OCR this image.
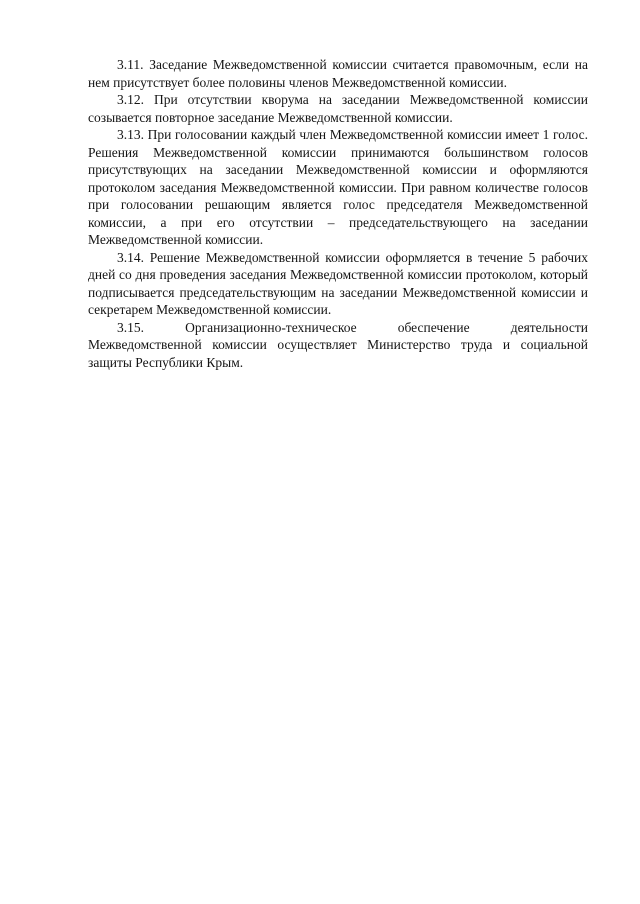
3.11. Заседание Межведомственной комиссии считается правомочным, если на нем присутствует более половины членов Межведомственной комиссии.

3.12. При отсутствии кворума на заседании Межведомственной комиссии созывается повторное заседание Межведомственной комиссии.

3.13. При голосовании каждый член Межведомственной комиссии имеет 1 голос. Решения Межведомственной комиссии принимаются большинством голосов присутствующих на заседании Межведомственной комиссии и оформляются протоколом заседания Межведомственной комиссии. При равном количестве голосов при голосовании решающим является голос председателя Межведомственной комиссии, а при его отсутствии – председательствующего на заседании Межведомственной комиссии.

3.14. Решение Межведомственной комиссии оформляется в течение 5 рабочих дней со дня проведения заседания Межведомственной комиссии протоколом, который подписывается председательствующим на заседании Межведомственной комиссии и секретарем Межведомственной комиссии.

3.15. Организационно-техническое обеспечение деятельности Межведомственной комиссии осуществляет Министерство труда и социальной защиты Республики Крым.
